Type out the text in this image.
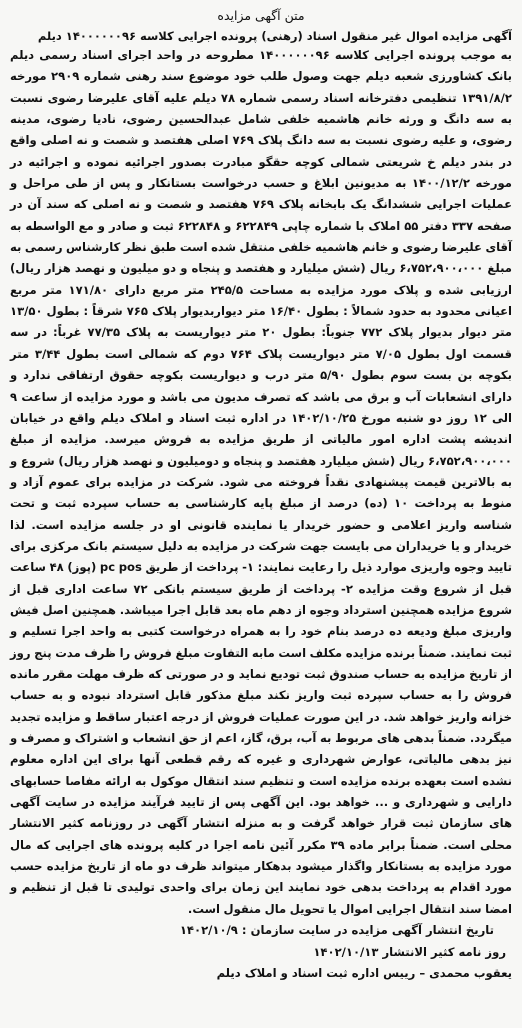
متن آگهی مزایده
آگهی مزایده اموال غیر منقول اسناد (رهنی) پرونده اجرایی کلاسه ۱۴۰۰۰۰۰۰۹۶ دیلم

به موجب پرونده اجرایی کلاسه ۱۴۰۰۰۰۰۰۹۶ مطروحه در واحد اجرای اسناد رسمی دیلم بانک کشاورزی شعبه دیلم جهت وصول طلب خود موضوع سند رهنی شماره ۲۹۰۹ مورخه ۱۳۹۱/۸/۲ تنظیمی دفترخانه اسناد رسمی شماره ۷۸ دیلم علیه آقای علیرضا رضوی نسبت به سه دانگ و ورثه خانم هاشمیه خلفی شامل عبدالحسین رضوی، نادیا رضوی، مدینه رضوی، و علیه رضوی نسبت به سه دانگ پلاک ۷۶۹ اصلی هفتصد و شصت و نه اصلی واقع در بندر دیلم خ شریعتی شمالی کوچه حقگو مبادرت بصدور اجرائیه نموده و اجرائیه در مورخه ۱۴۰۰/۱۲/۲ به مدیونین ابلاغ و حسب درخواست بستانکار و پس از طی مراحل و عملیات اجرایی ششدانگ یک بابخانه پلاک ۷۶۹ هفتصد و شصت و نه اصلی که سند آن در صفحه ۳۳۷ دفتر ۵۵ املاک با شماره چاپی ۶۲۲۸۴۹ و ۶۲۲۸۴۸ ثبت و صادر و مع الواسطه به آقای علیرضا رضوی و خانم هاشمیه خلفی منتقل شده است طبق نظر کارشناس رسمی به مبلغ ۶،۷۵۲،۹۰۰،۰۰۰ ریال (شش میلیارد و هفتصد و پنجاه و دو میلیون و نهصد هزار ریال) ارزیابی شده و پلاک مورد مزایده به مساحت ۲۴۵/۵ متر مربع دارای ۱۷۱/۸۰ متر مربع اعیانی محدود به حدود شمالاً : بطول ۱۶/۴۰ متر دیواربدیوار پلاک ۷۶۵ شرقاً : بطول ۱۳/۵۰ متر دیوار بدیوار پلاک ۷۷۲ جنوباً: بطول ۲۰ متر دیواریست به پلاک ۷۷/۳۵ غرباً: در سه قسمت اول بطول ۷/۰۵ متر دیواریست پلاک ۷۶۴ دوم که شمالی است بطول ۳/۴۴ متر بکوچه بن بست سوم بطول ۵/۹۰ متر درب و دیواریست بکوچه حقوق ارتفاقی ندارد و دارای انشعابات آب و برق می باشد که تصرف مدیون می باشد و مورد مزایده از ساعت ۹ الی ۱۲ روز دو شنبه مورخ ۱۴۰۲/۱۰/۲۵ در اداره ثبت اسناد و املاک دیلم واقع در خیابان اندیشه پشت اداره امور مالیاتی از طریق مزایده به فروش میرسد. مزایده از مبلغ ۶،۷۵۲،۹۰۰،۰۰۰ ریال (شش میلیارد هفتصد و پنجاه و دومیلیون و نهصد هزار ریال) شروع و به بالاترین قیمت پیشنهادی نقداً فروخته می شود. شرکت در مزایده برای عموم آزاد و منوط به پرداخت ۱۰ (ده) درصد از مبلغ پایه کارشناسی به حساب سپرده ثبت و تحت شناسه واریز اعلامی و حضور خریدار یا نماینده قانونی او در جلسه مزایده است. لذا خریدار و یا خریداران می بایست جهت شرکت در مزایده به دلیل سیستم بانک مرکزی برای تایید وجوه واریزی موارد ذیل را رعایت نمایند: ۱- پرداخت از طریق pc pos (پوز) ۴۸ ساعت قبل از شروع وقت مزایده ۲- پرداخت از طریق سیستم بانکی ۷۲ ساعت اداری قبل از شروع مزایده همچنین استرداد وجوه از دهم ماه بعد قابل اجرا میباشد. همچنین اصل فیش واریزی مبلغ ودیعه ده درصد بنام خود را به همراه درخواست کتبی به واحد اجرا تسلیم و ثبت نمایند. ضمناً برنده مزایده مکلف است مابه التفاوت مبلغ فروش را ظرف مدت پنج روز از تاریخ مزایده به حساب صندوق ثبت تودیع نماید و در صورتی که ظرف مهلت مقرر مانده فروش را به حساب سپرده ثبت واریز نکند مبلغ مذکور قابل استرداد نبوده و به حساب خزانه واریز خواهد شد. در این صورت عملیات فروش از درجه اعتبار ساقط و مزایده تجدید میگردد. ضمناً بدهی های مربوط به آب، برق، گاز، اعم از حق انشعاب و اشتراک و مصرف و نیز بدهی مالیاتی، عوارض شهرداری و غیره که رقم قطعی آنها برای این اداره معلوم نشده است بعهده برنده مزایده است و تنظیم سند انتقال موکول به ارائه مفاصا حسابهای دارایی و شهرداری و ... خواهد بود. این آگهی پس از تایید فرآیند مزایده در سایت آگهی های سازمان ثبت قرار خواهد گرفت و به منزله انتشار آگهی در روزنامه کثیر الانتشار محلی است. ضمناً برابر ماده ۳۹ مکرر آئین نامه اجرا در کلیه پرونده های اجرایی که مال مورد مزایده به بستانکار واگذار میشود بدهکار میتواند ظرف دو ماه از تاریخ مزایده حسب مورد اقدام به پرداخت بدهی خود نمایند این زمان برای واحدی تولیدی تا قبل از تنظیم و امضا سند انتقال اجرایی اموال یا تحویل مال منقول است.

تاریخ انتشار آگهی مزایده در سایت سازمان : ۱۴۰۲/۱۰/۹
روز نامه کثیر الانتشار ۱۴۰۲/۱۰/۱۳
یعقوب محمدی – رییس اداره ثبت اسناد و املاک دیلم
